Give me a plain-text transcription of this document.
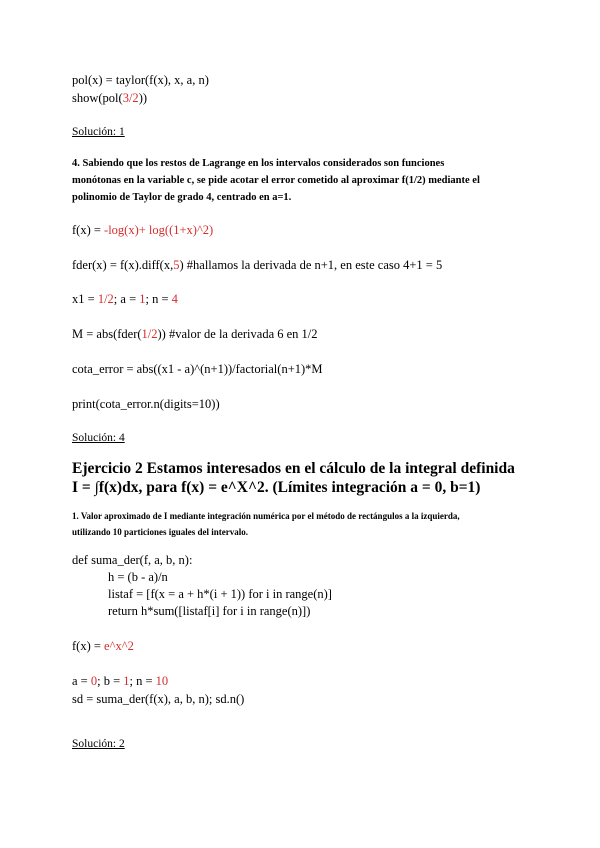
pol(x) = taylor(f(x), x, a, n)
show(pol(3/2))
Solución: 1
4. Sabiendo que los restos de Lagrange en los intervalos considerados son funciones
monótonas en la variable c, se pide acotar el error cometido al aproximar f(1/2) mediante el
polinomio de Taylor de grado 4, centrado en a=1.
f(x) = -log(x)+ log((1+x)^2)
fder(x) = f(x).diff(x,5) #hallamos la derivada de n+1, en este caso 4+1 = 5
x1 = 1/2; a = 1; n = 4
M = abs(fder(1/2)) #valor de la derivada 6 en 1/2
cota_error = abs((x1 - a)^(n+1))/factorial(n+1)*M
print(cota_error.n(digits=10))
Solución: 4
Ejercicio 2 Estamos interesados en el cálculo de la integral definida
I = ∫f(x)dx, para f(x) = e^X^2. (Límites integración a = 0, b=1)
1. Valor aproximado de I mediante integración numérica por el método de rectángulos a la izquierda,
utilizando 10 particiones iguales del intervalo.
def suma_der(f, a, b, n):
h = (b - a)/n
listaf = [f(x = a + h*(i + 1)) for i in range(n)]
return h*sum([listaf[i] for i in range(n)])
f(x) = e^x^2
a = 0; b = 1; n = 10
sd = suma_der(f(x), a, b, n); sd.n()
Solución: 2
